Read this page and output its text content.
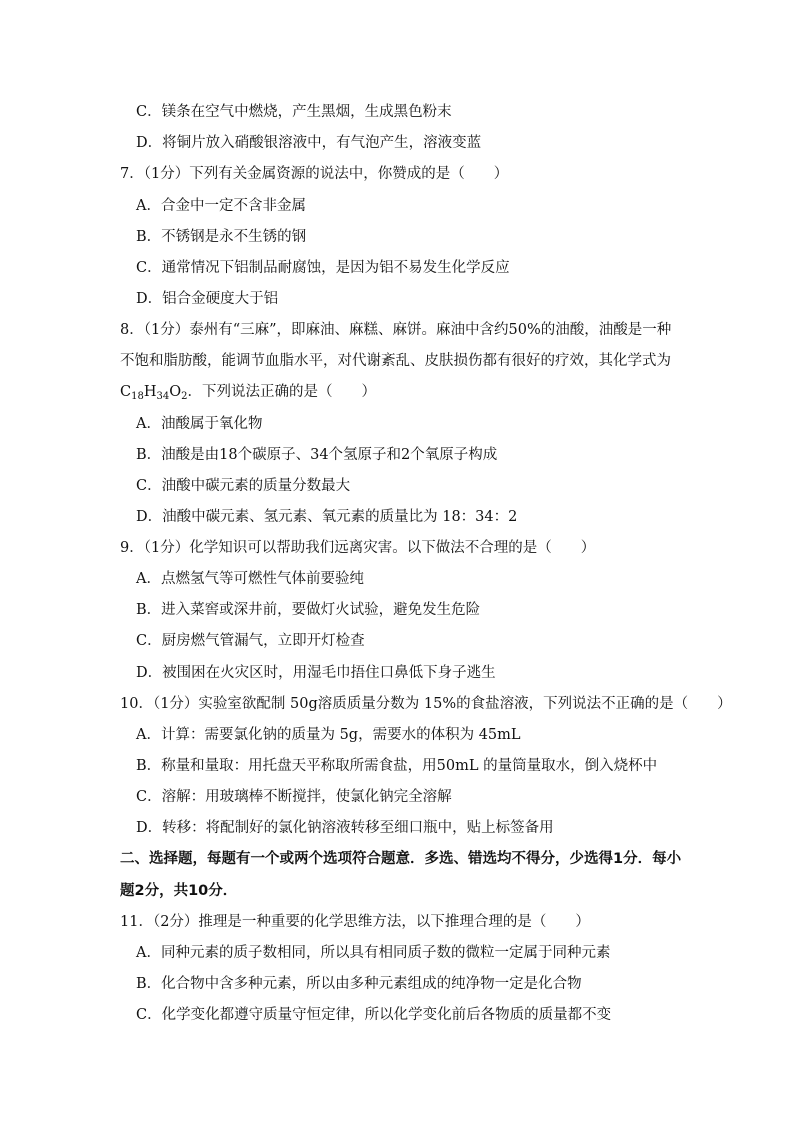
C．镁条在空气中燃烧，产生黑烟，生成黑色粉末
D．将铜片放入硝酸银溶液中，有气泡产生，溶液变蓝
7．（1分）下列有关金属资源的说法中，你赞成的是（　　）
A．合金中一定不含非金属
B．不锈钢是永不生锈的钢
C．通常情况下铝制品耐腐蚀，是因为铝不易发生化学反应
D．铝合金硬度大于铝
8．（1分）泰州有“三麻”，即麻油、麻糕、麻饼。麻油中含约50%的油酸，油酸是一种
不饱和脂肪酸，能调节血脂水平，对代谢紊乱、皮肤损伤都有很好的疗效，其化学式为
$C_{18}H_{34}O_2$．下列说法正确的是（　　）
A．油酸属于氧化物
B．油酸是由18个碳原子、34个氢原子和2个氧原子构成
C．油酸中碳元素的质量分数最大
D．油酸中碳元素、氢元素、氧元素的质量比为 18：34：2
9．（1分）化学知识可以帮助我们远离灾害。以下做法不合理的是（　　）
A．点燃氢气等可燃性气体前要验纯
B．进入菜窖或深井前，要做灯火试验，避免发生危险
C．厨房燃气管漏气，立即开灯检查
D．被围困在火灾区时，用湿毛巾捂住口鼻低下身子逃生
10．（1分）实验室欲配制 50g溶质质量分数为 15%的食盐溶液，下列说法不正确的是（　　）
A．计算：需要氯化钠的质量为 5g，需要水的体积为 45mL
B．称量和量取：用托盘天平称取所需食盐，用50mL 的量筒量取水，倒入烧杯中
C．溶解：用玻璃棒不断搅拌，使氯化钠完全溶解
D．转移：将配制好的氯化钠溶液转移至细口瓶中，贴上标签备用
二、选择题，每题有一个或两个选项符合题意．多选、错选均不得分，少选得1分．每小
题2分，共10分．
11．（2分）推理是一种重要的化学思维方法，以下推理合理的是（　　）
A．同种元素的质子数相同，所以具有相同质子数的微粒一定属于同种元素
B．化合物中含多种元素，所以由多种元素组成的纯净物一定是化合物
C．化学变化都遵守质量守恒定律，所以化学变化前后各物质的质量都不变
